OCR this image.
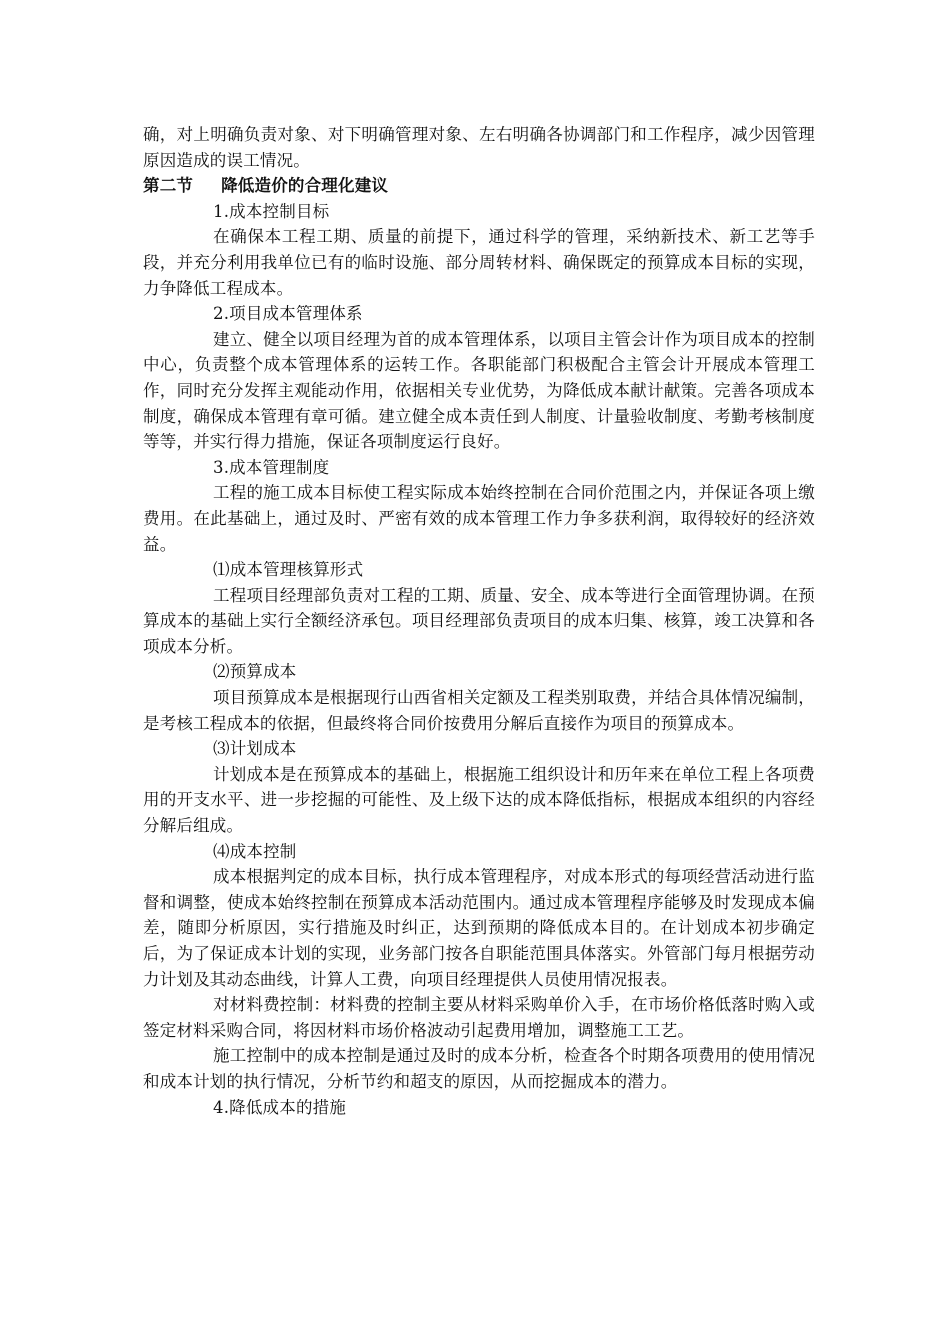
确，对上明确负责对象、对下明确管理对象、左右明确各协调部门和工作程序，减少因管理原因造成的误工情况。

第二节 降低造价的合理化建议

1.成本控制目标

在确保本工程工期、质量的前提下，通过科学的管理，采纳新技术、新工艺等手段，并充分利用我单位已有的临时设施、部分周转材料、确保既定的预算成本目标的实现，力争降低工程成本。

2.项目成本管理体系

建立、健全以项目经理为首的成本管理体系，以项目主管会计作为项目成本的控制中心，负责整个成本管理体系的运转工作。各职能部门积极配合主管会计开展成本管理工作，同时充分发挥主观能动作用，依据相关专业优势，为降低成本献计献策。完善各项成本制度，确保成本管理有章可循。建立健全成本责任到人制度、计量验收制度、考勤考核制度等等，并实行得力措施，保证各项制度运行良好。

3.成本管理制度

工程的施工成本目标使工程实际成本始终控制在合同价范围之内，并保证各项上缴费用。在此基础上，通过及时、严密有效的成本管理工作力争多获利润，取得较好的经济效益。

⑴成本管理核算形式

工程项目经理部负责对工程的工期、质量、安全、成本等进行全面管理协调。在预算成本的基础上实行全额经济承包。项目经理部负责项目的成本归集、核算，竣工决算和各项成本分析。

⑵预算成本

项目预算成本是根据现行山西省相关定额及工程类别取费，并结合具体情况编制，是考核工程成本的依据，但最终将合同价按费用分解后直接作为项目的预算成本。

⑶计划成本

计划成本是在预算成本的基础上，根据施工组织设计和历年来在单位工程上各项费用的开支水平、进一步挖掘的可能性、及上级下达的成本降低指标，根据成本组织的内容经分解后组成。

⑷成本控制

成本根据判定的成本目标，执行成本管理程序，对成本形式的每项经营活动进行监督和调整，使成本始终控制在预算成本活动范围内。通过成本管理程序能够及时发现成本偏差，随即分析原因，实行措施及时纠正，达到预期的降低成本目的。在计划成本初步确定后，为了保证成本计划的实现，业务部门按各自职能范围具体落实。外管部门每月根据劳动力计划及其动态曲线，计算人工费，向项目经理提供人员使用情况报表。

对材料费控制：材料费的控制主要从材料采购单价入手，在市场价格低落时购入或签定材料采购合同，将因材料市场价格波动引起费用增加，调整施工工艺。

施工控制中的成本控制是通过及时的成本分析，检查各个时期各项费用的使用情况和成本计划的执行情况，分析节约和超支的原因，从而挖掘成本的潜力。

4.降低成本的措施
